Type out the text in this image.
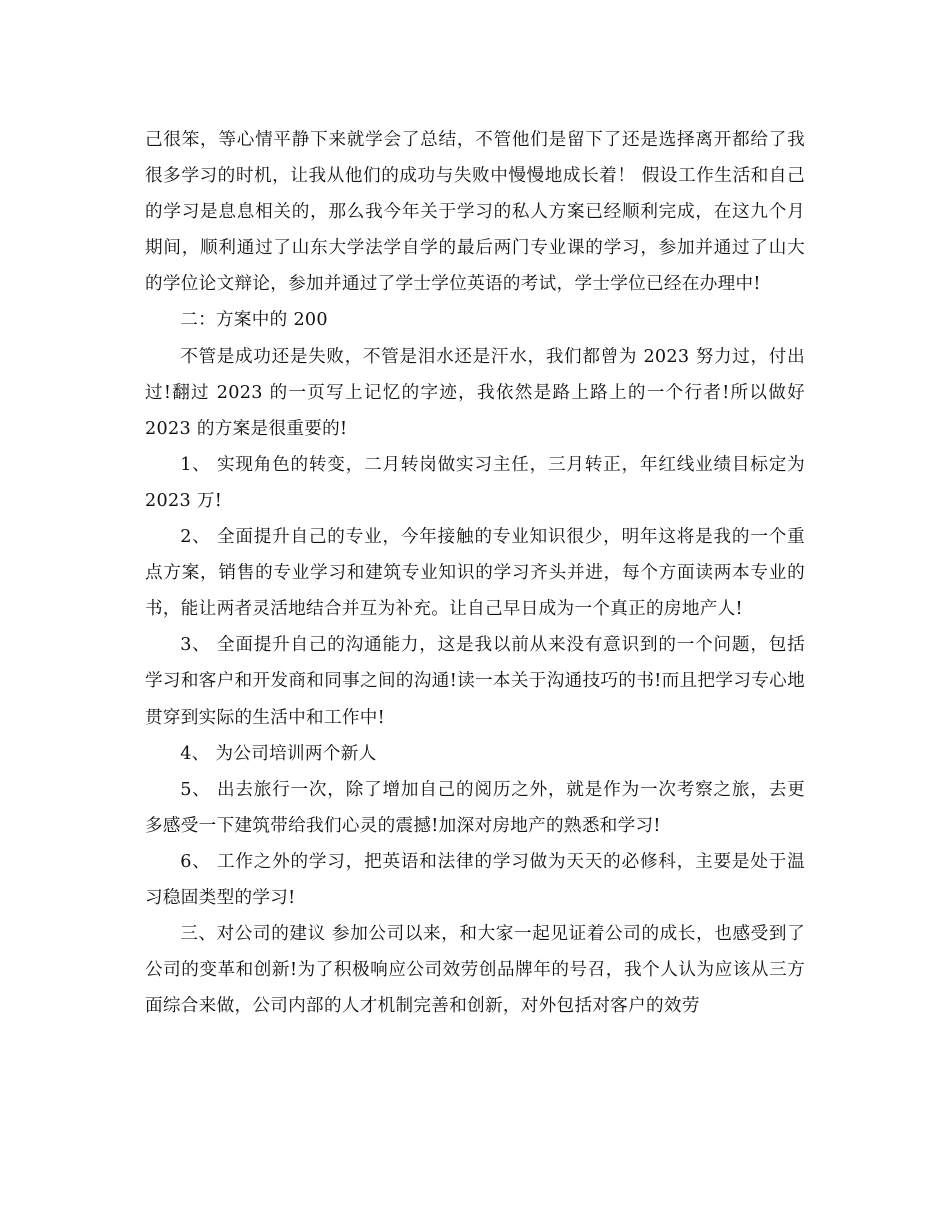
己很笨，等心情平静下来就学会了总结，不管他们是留下了还是选择离开都给了我很多学习的时机，让我从他们的成功与失败中慢慢地成长着！ 假设工作生活和自己的学习是息息相关的，那么我今年关于学习的私人方案已经顺利完成，在这九个月期间，顺利通过了山东大学法学自学的最后两门专业课的学习，参加并通过了山大的学位论文辩论，参加并通过了学士学位英语的考试，学士学位已经在办理中!

二：方案中的 200

不管是成功还是失败，不管是泪水还是汗水，我们都曾为 2023 努力过，付出过!翻过 2023 的一页写上记忆的字迹，我依然是路上路上的一个行者!所以做好 2023 的方案是很重要的!

1、 实现角色的转变，二月转岗做实习主任，三月转正，年红线业绩目标定为 2023 万!

2、 全面提升自己的专业，今年接触的专业知识很少，明年这将是我的一个重点方案，销售的专业学习和建筑专业知识的学习齐头并进，每个方面读两本专业的书，能让两者灵活地结合并互为补充。让自己早日成为一个真正的房地产人!

3、 全面提升自己的沟通能力，这是我以前从来没有意识到的一个问题，包括学习和客户和开发商和同事之间的沟通!读一本关于沟通技巧的书!而且把学习专心地贯穿到实际的生活中和工作中!

4、 为公司培训两个新人

5、 出去旅行一次，除了增加自己的阅历之外，就是作为一次考察之旅，去更多感受一下建筑带给我们心灵的震撼!加深对房地产的熟悉和学习!

6、 工作之外的学习，把英语和法律的学习做为天天的必修科，主要是处于温习稳固类型的学习!

三、对公司的建议 参加公司以来，和大家一起见证着公司的成长，也感受到了公司的变革和创新!为了积极响应公司效劳创品牌年的号召，我个人认为应该从三方面综合来做，公司内部的人才机制完善和创新，对外包括对客户的效劳
